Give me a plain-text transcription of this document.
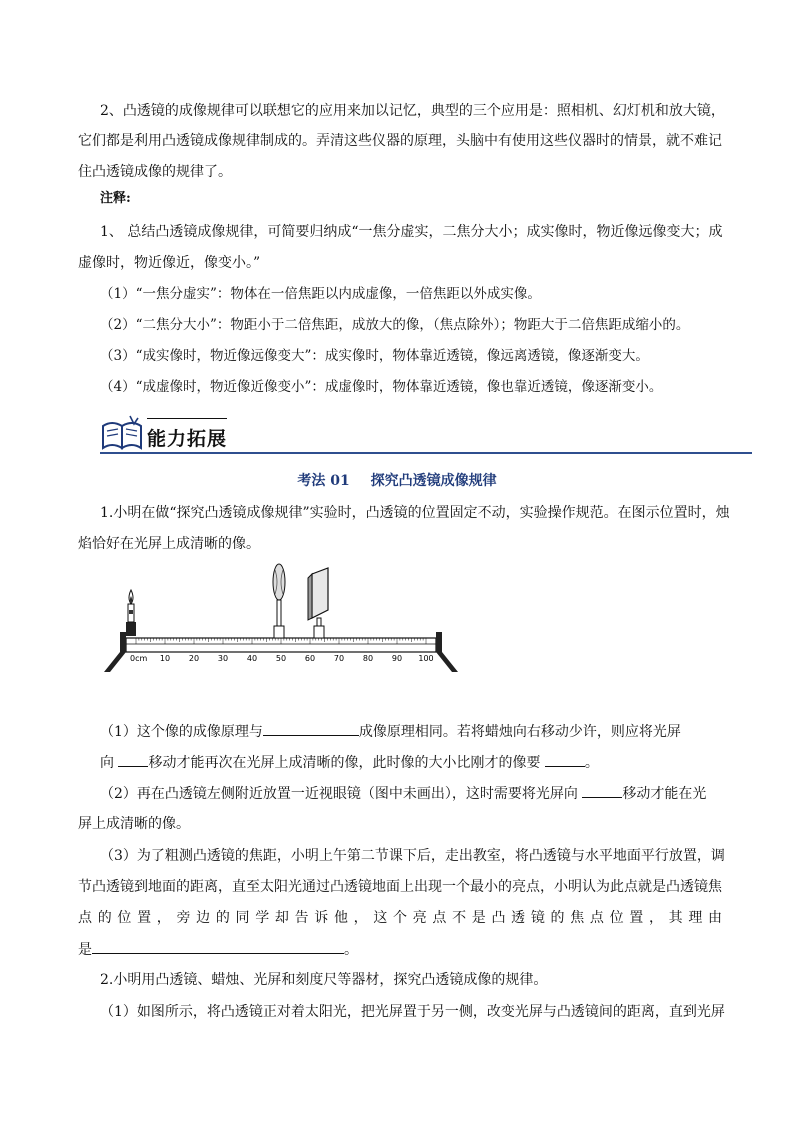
2、凸透镜的成像规律可以联想它的应用来加以记忆，典型的三个应用是：照相机、幻灯机和放大镜，
它们都是利用凸透镜成像规律制成的。弄清这些仪器的原理，头脑中有使用这些仪器时的情景，就不难记
住凸透镜成像的规律了。
注释:
1、 总结凸透镜成像规律，可简要归纳成“一焦分虚实，二焦分大小；成实像时，物近像远像变大；成
虚像时，物近像近，像变小。”
（1）“一焦分虚实”：物体在一倍焦距以内成虚像，一倍焦距以外成实像。
（2）“二焦分大小”：物距小于二倍焦距，成放大的像，（焦点除外）；物距大于二倍焦距成缩小的。
（3）“成实像时，物近像远像变大”：成实像时，物体靠近透镜，像远离透镜，像逐渐变大。
（4）“成虚像时，物近像近像变小”：成虚像时，物体靠近透镜，像也靠近透镜，像逐渐变小。
能力拓展
考法 01 探究凸透镜成像规律
1.小明在做“探究凸透镜成像规律”实验时，凸透镜的位置固定不动，实验操作规范。在图示位置时，烛
焰恰好在光屏上成清晰的像。
0cm 10 20 30 40 50 60 70 80 90 100
（1）这个像的成像原理与	成像原理相同。若将蜡烛向右移动少许，则应将光屏
向 移动才能再次在光屏上成清晰的像，此时像的大小比刚才的像要	。
（2）再在凸透镜左侧附近放置一近视眼镜（图中未画出），这时需要将光屏向	移动才能在光
屏上成清晰的像。
（3）为了粗测凸透镜的焦距，小明上午第二节课下后，走出教室，将凸透镜与水平地面平行放置，调
节凸透镜到地面的距离，直至太阳光通过凸透镜地面上出现一个最小的亮点，小明认为此点就是凸透镜焦
点 的 位 置 ， 旁 边 的 同 学 却 告 诉 他 ， 这 个 亮 点 不 是 凸 透 镜 的 焦 点 位 置 ， 其 理 由
是	。
2.小明用凸透镜、蜡烛、光屏和刻度尺等器材，探究凸透镜成像的规律。
（1）如图所示，将凸透镜正对着太阳光，把光屏置于另一侧，改变光屏与凸透镜间的距离，直到光屏
